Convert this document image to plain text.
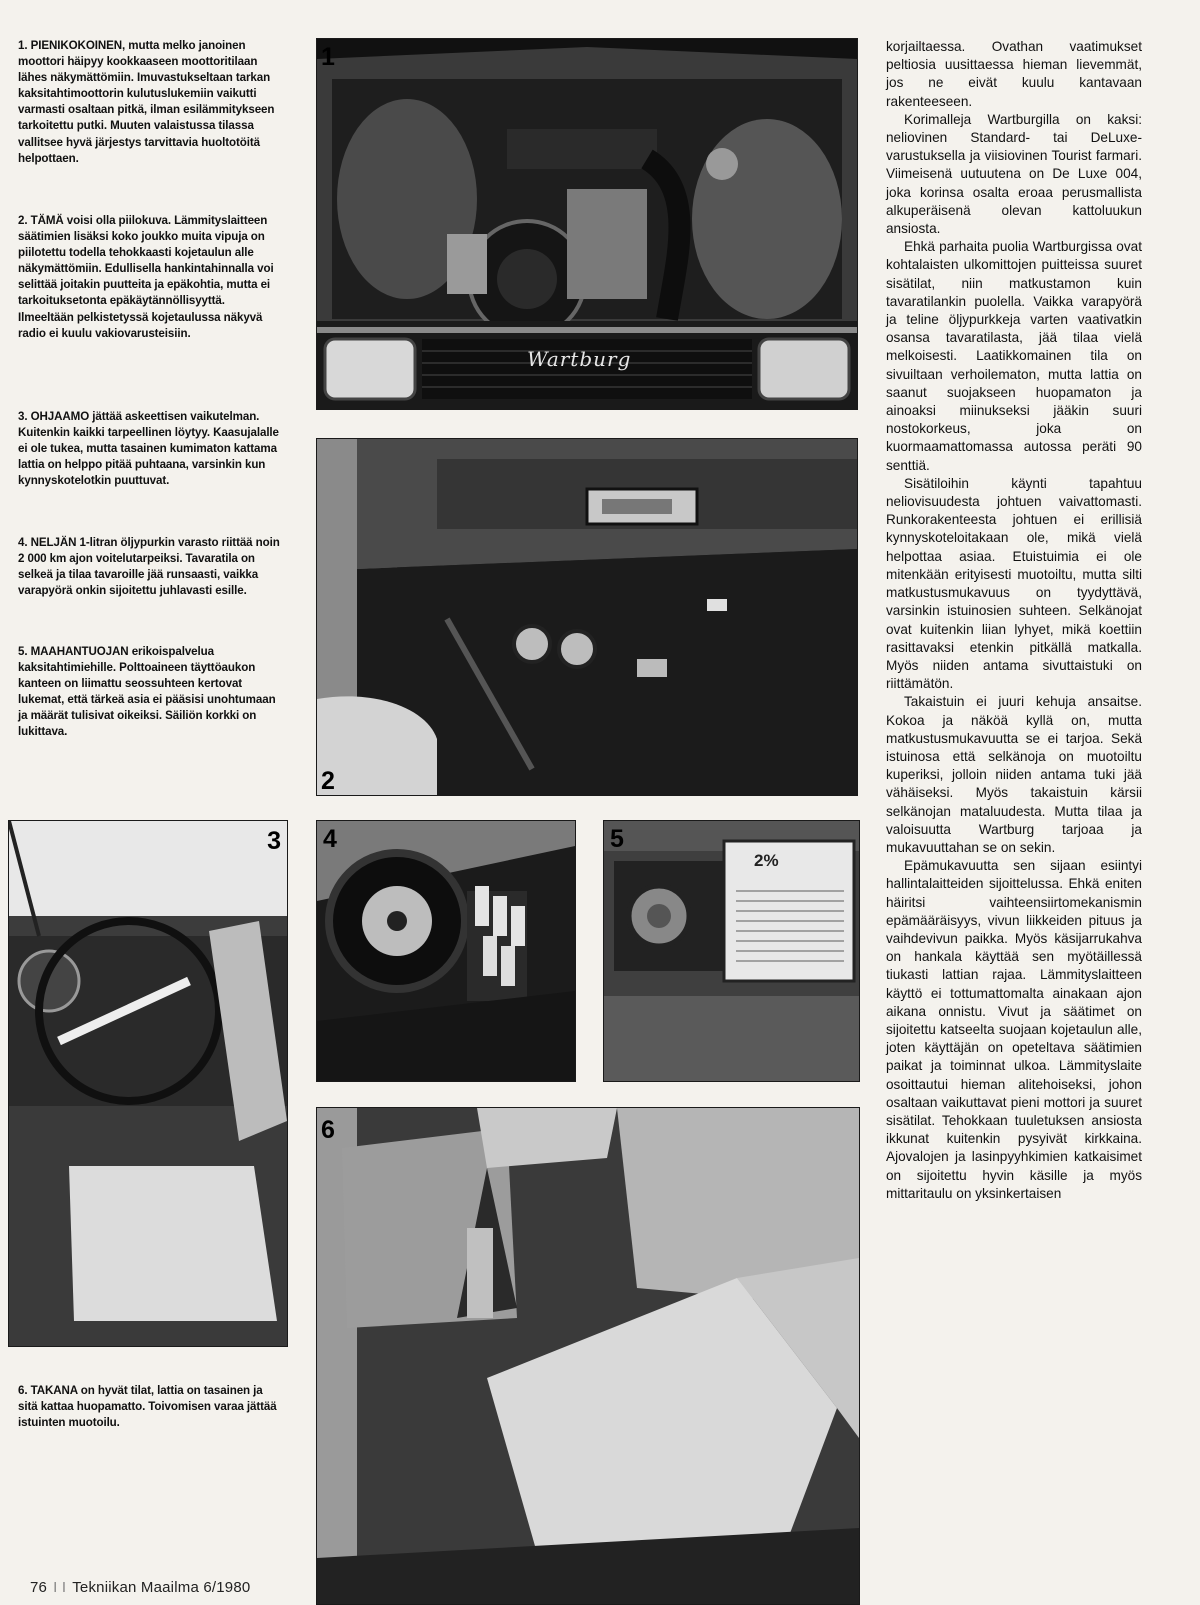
1. PIENIKOKOINEN, mutta melko janoinen moottori häipyy kookkaaseen moottoritilaan lähes näkymättömiin. Imuvastukseltaan tarkan kaksitahtimoottorin kulutuslukemiin vaikutti varmasti osaltaan pitkä, ilman esilämmitykseen tarkoitettu putki. Muuten valaistussa tilassa vallitsee hyvä järjestys tarvittavia huoltotöitä helpottaen.

2. TÄMÄ voisi olla piilokuva. Lämmityslaitteen säätimien lisäksi koko joukko muita vipuja on piilotettu todella tehokkaasti kojetaulun alle näkymättömiin. Edullisella hankintahinnalla voi selittää joitakin puutteita ja epäkohtia, mutta ei tarkoituksetonta epäkäytännöllisyyttä. Ilmeeltään pelkistetyssä kojetaulussa näkyvä radio ei kuulu vakiovarusteisiin.

3. OHJAAMO jättää askeettisen vaikutelman. Kuitenkin kaikki tarpeellinen löytyy. Kaasujalalle ei ole tukea, mutta tasainen kumimaton kattama lattia on helppo pitää puhtaana, varsinkin kun kynnyskotelotkin puuttuvat.

4. NELJÄN 1-litran öljypurkin varasto riittää noin 2 000 km ajon voitelutarpeiksi. Tavaratila on selkeä ja tilaa tavaroille jää runsaasti, vaikka varapyörä onkin sijoitettu juhlavasti esille.

5. MAAHANTUOJAN erikoispalvelua kaksitahtimiehille. Polttoaineen täyttöaukon kanteen on liimattu seossuhteen kertovat lukemat, että tärkeä asia ei pääsisi unohtumaan ja määrät tulisivat oikeiksi. Säiliön korkki on lukittava.

6. TAKANA on hyvät tilat, lattia on tasainen ja sitä kattaa huopamatto. Toivomisen varaa jättää istuinten muotoilu.

1
Wartburg
2
3 4	5
2%
6

korjailtaessa. Ovathan vaatimukset peltiosia uusittaessa hieman lievemmät, jos ne eivät kuulu kantavaan rakenteeseen.

Korimalleja Wartburgilla on kaksi: neliovinen Standard- tai DeLuxe-varustuksella ja viisiovinen Tourist farmari. Viimeisenä uutuutena on De Luxe 004, joka korinsa osalta eroaa perusmallista alkuperäisenä olevan kattoluukun ansiosta.

Ehkä parhaita puolia Wartburgissa ovat kohtalaisten ulkomittojen puitteissa suuret sisätilat, niin matkustamon kuin tavaratilankin puolella. Vaikka varapyörä ja teline öljypurkkeja varten vaativatkin osansa tavaratilasta, jää tilaa vielä melkoisesti. Laatikkomainen tila on sivuiltaan verhoilematon, mutta lattia on saanut suojakseen huopamaton ja ainoaksi miinukseksi jääkin suuri nostokorkeus, joka on kuormaamattomassa autossa peräti 90 senttiä.

Sisätiloihin käynti tapahtuu neliovisuudesta johtuen vaivattomasti. Runkorakenteesta johtuen ei erillisiä kynnyskoteloitakaan ole, mikä vielä helpottaa asiaa. Etuistuimia ei ole mitenkään erityisesti muotoiltu, mutta silti matkustusmukavuus on tyydyttävä, varsinkin istuinosien suhteen. Selkänojat ovat kuitenkin liian lyhyet, mikä koettiin rasittavaksi etenkin pitkällä matkalla. Myös niiden antama sivuttaistuki on riittämätön.

Takaistuin ei juuri kehuja ansaitse. Kokoa ja näköä kyllä on, mutta matkustusmukavuutta se ei tarjoa. Sekä istuinosa että selkänoja on muotoiltu kuperiksi, jolloin niiden antama tuki jää vähäiseksi. Myös takaistuin kärsii selkänojan mataluudesta. Mutta tilaa ja valoisuutta Wartburg tarjoaa ja mukavuuttahan se on sekin.

Epämukavuutta sen sijaan esiintyi hallintalaitteiden sijoittelussa. Ehkä eniten häiritsi vaihteensiirtomekanismin epämääräisyys, vivun liikkeiden pituus ja vaihdevivun paikka. Myös käsijarrukahva on hankala käyttää sen myötäillessä tiukasti lattian rajaa. Lämmityslaitteen käyttö ei tottumattomalta ainakaan ajon aikana onnistu. Vivut ja säätimet on sijoitettu katseelta suojaan kojetaulun alle, joten käyttäjän on opeteltava säätimien paikat ja toiminnat ulkoa. Lämmityslaite osoittautui hieman alitehoiseksi, johon osaltaan vaikuttavat pieni mottori ja suuret sisätilat. Tehokkaan tuuletuksen ansiosta ikkunat kuitenkin pysyivät kirkkaina. Ajovalojen ja lasinpyyhkimien katkaisimet on sijoitettu hyvin käsille ja myös mittaritaulu on yksinkertaisen

76 I I Tekniikan Maailma 6/1980
